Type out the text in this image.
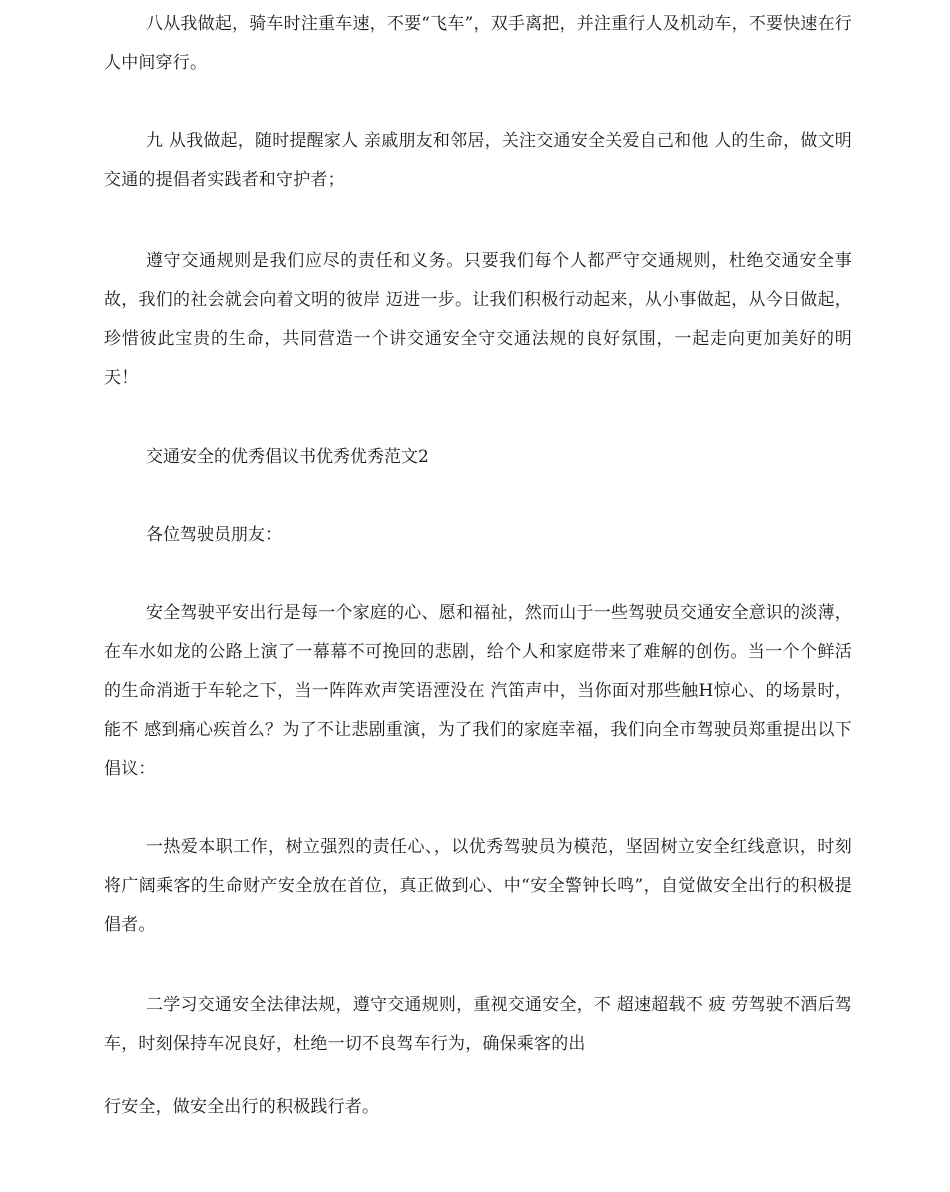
八从我做起，骑车时注重车速，不要“飞车”，双手离把，并注重行人及机动车，不要快速在行人中间穿行。

九 从我做起，随时提醒家人 亲戚朋友和邻居，关注交通安全关爱自己和他 人的生命，做文明交通的提倡者实践者和守护者；

遵守交通规则是我们应尽的责任和义务。只要我们每个人都严守交通规则，杜绝交通安全事故，我们的社会就会向着文明的彼岸 迈进一步。让我们积极行动起来，从小事做起，从今日做起，珍惜彼此宝贵的生命，共同营造一个讲交通安全守交通法规的良好氛围，一起走向更加美好的明天！

交通安全的优秀倡议书优秀优秀范文2

各位驾驶员朋友：

安全驾驶平安出行是每一个家庭的心、愿和福祉，然而山于一些驾驶员交通安全意识的淡薄，在车水如龙的公路上演了一幕幕不可挽回的悲剧，给个人和家庭带来了难解的创伤。当一个个鲜活的生命消逝于车轮之下，当一阵阵欢声笑语湮没在 汽笛声中，当你面对那些触H惊心、的场景时，能不 感到痛心疾首么？为了不让悲剧重演，为了我们的家庭幸福，我们向全市驾驶员郑重提出以下倡议：

一热爱本职工作，树立强烈的责任心、，以优秀驾驶员为模范，坚固树立安全红线意识，时刻将广阔乘客的生命财产安全放在首位，真正做到心、中“安全警钟长鸣”，自觉做安全出行的积极提倡者。

二学习交通安全法律法规，遵守交通规则，重视交通安全，不 超速超载不 疲 劳驾驶不酒后驾车，时刻保持车况良好，杜绝一切不良驾车行为，确保乘客的出

行安全，做安全出行的积极践行者。
